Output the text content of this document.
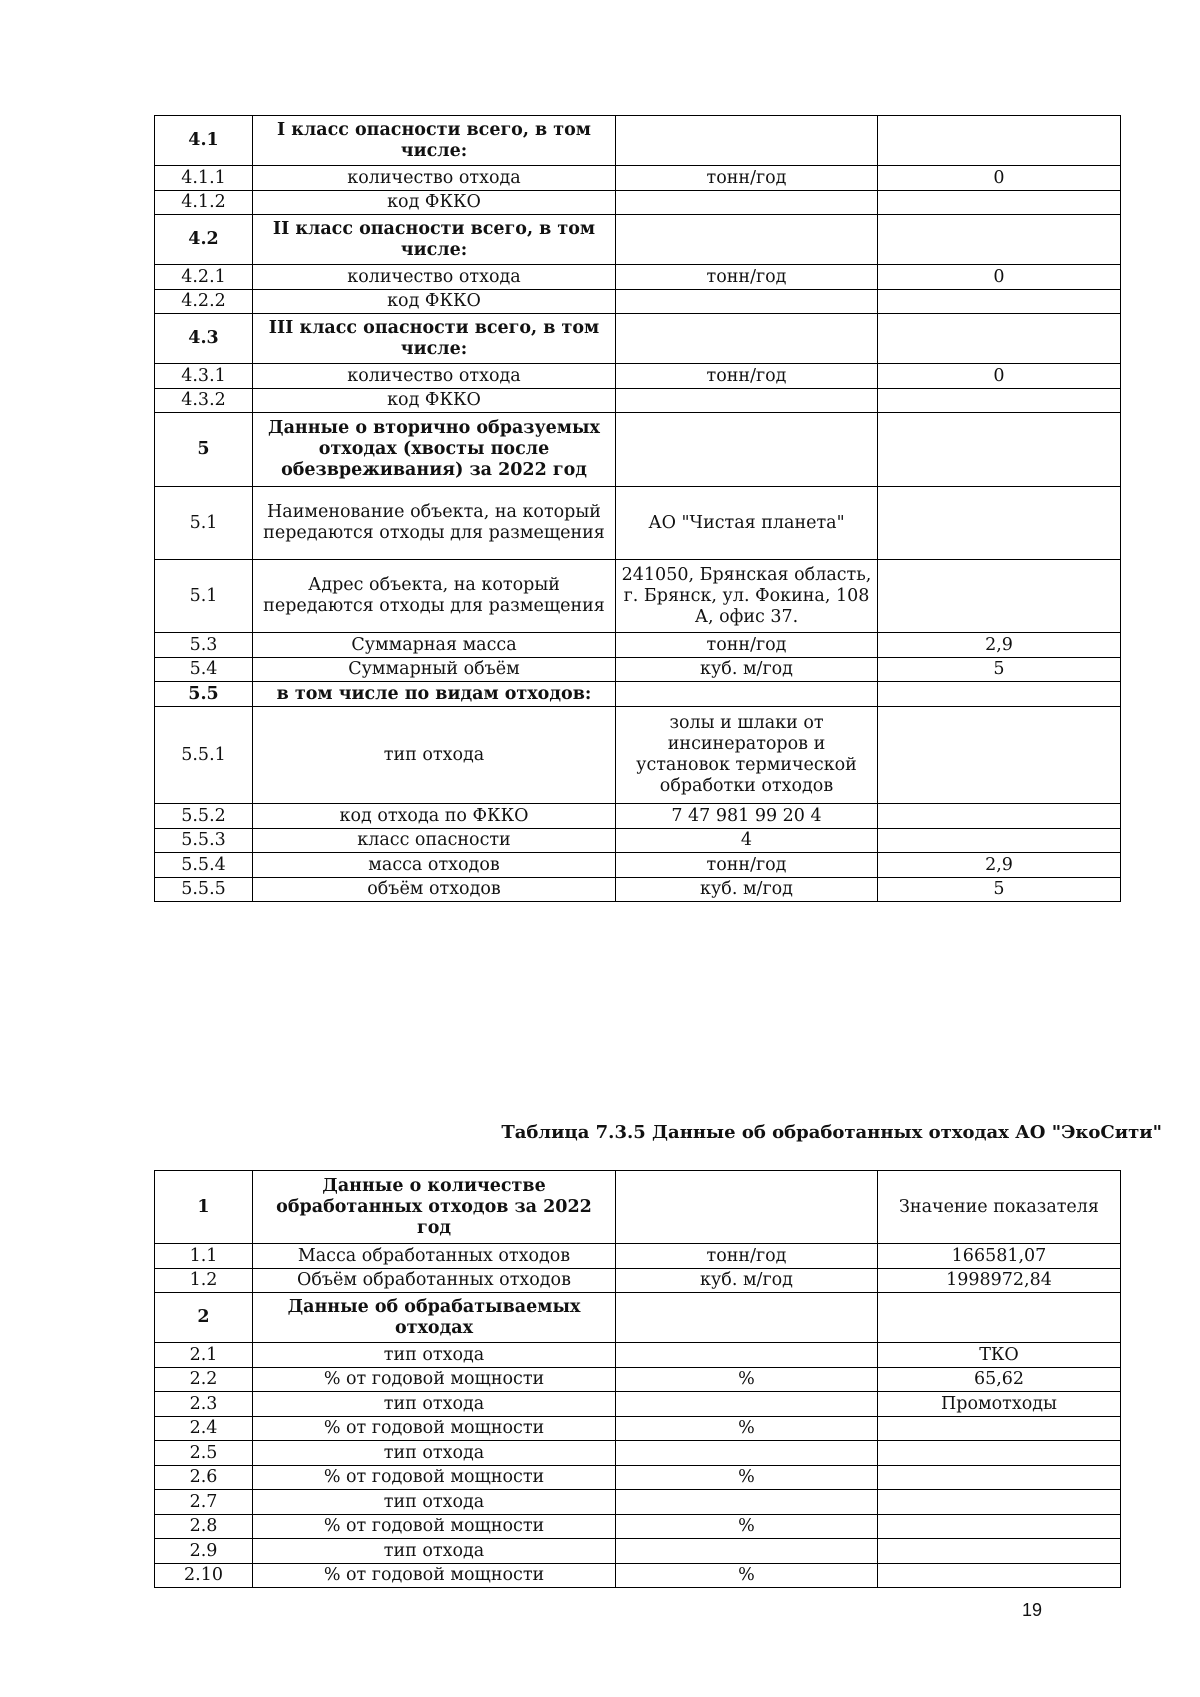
4.1	I класс опасности всего, в том числе:		
4.1.1	количество отхода	тонн/год	0
4.1.2	код ФККО		
4.2	II класс опасности всего, в том числе:		
4.2.1	количество отхода	тонн/год	0
4.2.2	код ФККО		
4.3	III класс опасности всего, в том числе:		
4.3.1	количество отхода	тонн/год	0
4.3.2	код ФККО		
5	Данные о вторично образуемых отходах (хвосты после обезвреживания) за 2022 год		
5.1	Наименование объекта, на который передаются отходы для размещения	АО "Чистая планета"	
5.1	Адрес объекта, на который передаются отходы для размещения	241050, Брянская область, г. Брянск, ул. Фокина, 108 А, офис 37.	
5.3	Суммарная масса	тонн/год	2,9
5.4	Суммарный объём	куб. м/год	5
5.5	в том числе по видам отходов:		
5.5.1	тип отхода	золы и шлаки от инсинераторов и установок термической обработки отходов	
5.5.2	код отхода по ФККО	7 47 981 99 20 4	
5.5.3	класс опасности	4	
5.5.4	масса отходов	тонн/год	2,9
5.5.5	объём отходов	куб. м/год	5
Таблица 7.3.5 Данные об обработанных отходах АО "ЭкоСити"
1	Данные о количестве обработанных отходов за 2022 год		Значение показателя
1.1	Масса обработанных отходов	тонн/год	166581,07
1.2	Объём обработанных отходов	куб. м/год	1998972,84
2	Данные об обрабатываемых отходах		
2.1	тип отхода		ТКО
2.2	% от годовой мощности	%	65,62
2.3	тип отхода		Промотходы
2.4	% от годовой мощности	%	
2.5	тип отхода		
2.6	% от годовой мощности	%	
2.7	тип отхода		
2.8	% от годовой мощности	%	
2.9	тип отхода		
2.10	% от годовой мощности	%	
19
